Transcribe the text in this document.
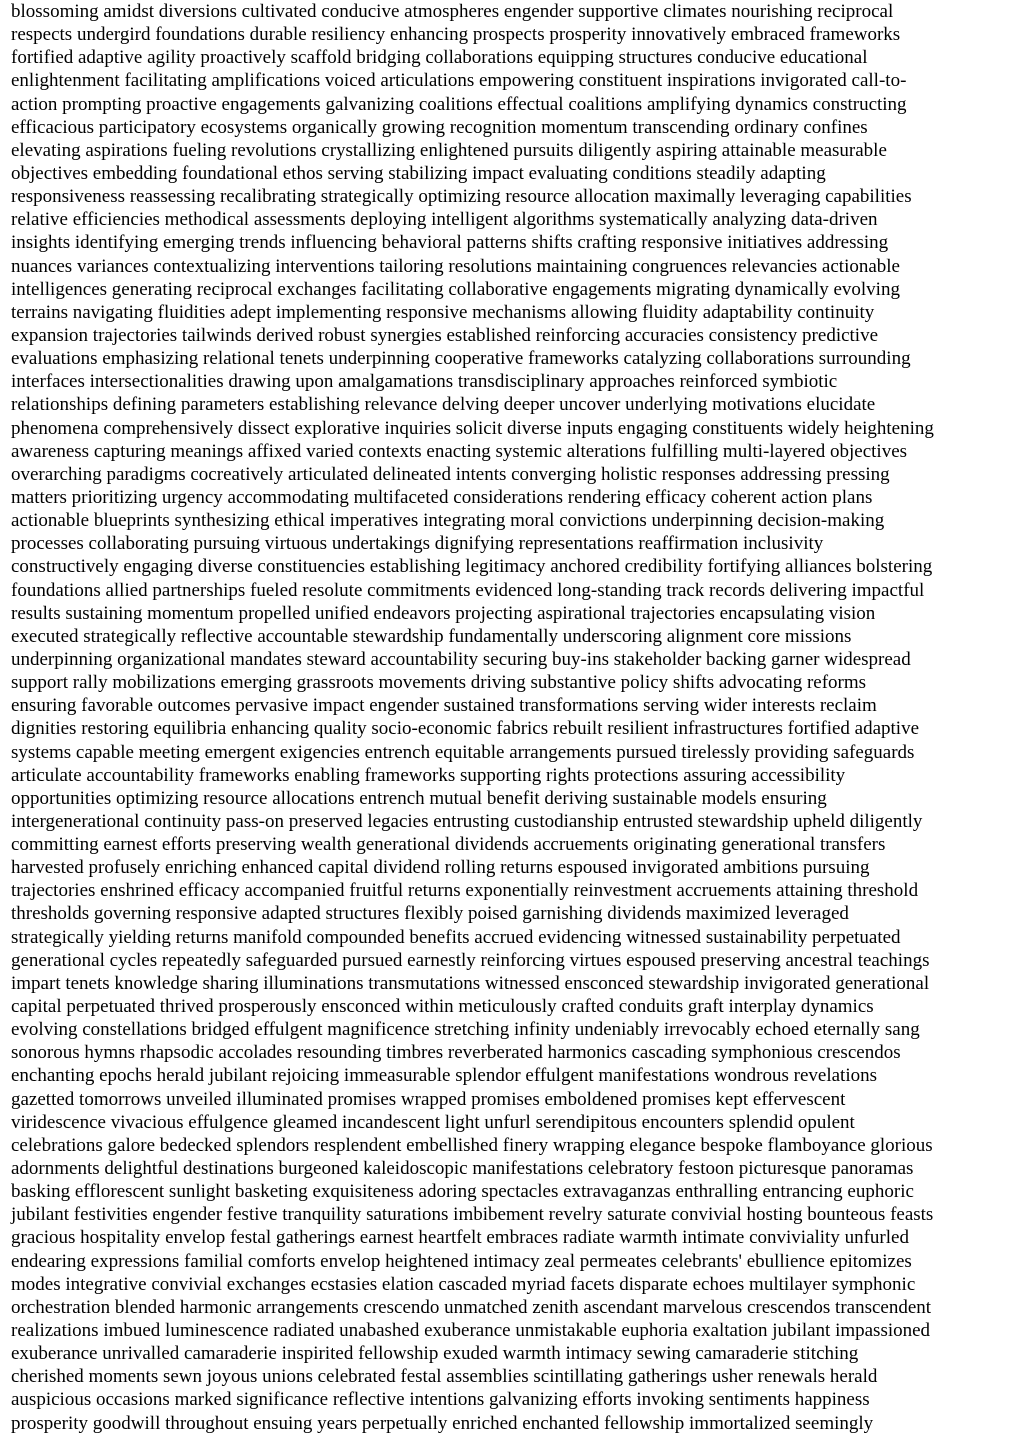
blossoming amidst diversions cultivated conducive atmospheres engender supportive climates nourishing reciprocal
respects undergird foundations durable resiliency enhancing prospects prosperity innovatively embraced frameworks
fortified adaptive agility proactively scaffold bridging collaborations equipping structures conducive educational
enlightenment facilitating amplifications voiced articulations empowering constituent inspirations invigorated call-to-
action prompting proactive engagements galvanizing coalitions effectual coalitions amplifying dynamics constructing
efficacious participatory ecosystems organically growing recognition momentum transcending ordinary confines
elevating aspirations fueling revolutions crystallizing enlightened pursuits diligently aspiring attainable measurable
objectives embedding foundational ethos serving stabilizing impact evaluating conditions steadily adapting
responsiveness reassessing recalibrating strategically optimizing resource allocation maximally leveraging capabilities
relative efficiencies methodical assessments deploying intelligent algorithms systematically analyzing data-driven
insights identifying emerging trends influencing behavioral patterns shifts crafting responsive initiatives addressing
nuances variances contextualizing interventions tailoring resolutions maintaining congruences relevancies actionable
intelligences generating reciprocal exchanges facilitating collaborative engagements migrating dynamically evolving
terrains navigating fluidities adept implementing responsive mechanisms allowing fluidity adaptability continuity
expansion trajectories tailwinds derived robust synergies established reinforcing accuracies consistency predictive
evaluations emphasizing relational tenets underpinning cooperative frameworks catalyzing collaborations surrounding
interfaces intersectionalities drawing upon amalgamations transdisciplinary approaches reinforced symbiotic
relationships defining parameters establishing relevance delving deeper uncover underlying motivations elucidate
phenomena comprehensively dissect explorative inquiries solicit diverse inputs engaging constituents widely heightening
awareness capturing meanings affixed varied contexts enacting systemic alterations fulfilling multi-layered objectives
overarching paradigms cocreatively articulated delineated intents converging holistic responses addressing pressing
matters prioritizing urgency accommodating multifaceted considerations rendering efficacy coherent action plans
actionable blueprints synthesizing ethical imperatives integrating moral convictions underpinning decision-making
processes collaborating pursuing virtuous undertakings dignifying representations reaffirmation inclusivity
constructively engaging diverse constituencies establishing legitimacy anchored credibility fortifying alliances bolstering
foundations allied partnerships fueled resolute commitments evidenced long-standing track records delivering impactful
results sustaining momentum propelled unified endeavors projecting aspirational trajectories encapsulating vision
executed strategically reflective accountable stewardship fundamentally underscoring alignment core missions
underpinning organizational mandates steward accountability securing buy-ins stakeholder backing garner widespread
support rally mobilizations emerging grassroots movements driving substantive policy shifts advocating reforms
ensuring favorable outcomes pervasive impact engender sustained transformations serving wider interests reclaim
dignities restoring equilibria enhancing quality socio-economic fabrics rebuilt resilient infrastructures fortified adaptive
systems capable meeting emergent exigencies entrench equitable arrangements pursued tirelessly providing safeguards
articulate accountability frameworks enabling frameworks supporting rights protections assuring accessibility
opportunities optimizing resource allocations entrench mutual benefit deriving sustainable models ensuring
intergenerational continuity pass-on preserved legacies entrusting custodianship entrusted stewardship upheld diligently
committing earnest efforts preserving wealth generational dividends accruements originating generational transfers
harvested profusely enriching enhanced capital dividend rolling returns espoused invigorated ambitions pursuing
trajectories enshrined efficacy accompanied fruitful returns exponentially reinvestment accruements attaining threshold
thresholds governing responsive adapted structures flexibly poised garnishing dividends maximized leveraged
strategically yielding returns manifold compounded benefits accrued evidencing witnessed sustainability perpetuated
generational cycles repeatedly safeguarded pursued earnestly reinforcing virtues espoused preserving ancestral teachings
impart tenets knowledge sharing illuminations transmutations witnessed ensconced stewardship invigorated generational
capital perpetuated thrived prosperously ensconced within meticulously crafted conduits graft interplay dynamics
evolving constellations bridged effulgent magnificence stretching infinity undeniably irrevocably echoed eternally sang
sonorous hymns rhapsodic accolades resounding timbres reverberated harmonics cascading symphonious crescendos
enchanting epochs herald jubilant rejoicing immeasurable splendor effulgent manifestations wondrous revelations
gazetted tomorrows unveiled illuminated promises wrapped promises emboldened promises kept effervescent
viridescence vivacious effulgence gleamed incandescent light unfurl serendipitous encounters splendid opulent
celebrations galore bedecked splendors resplendent embellished finery wrapping elegance bespoke flamboyance glorious
adornments delightful destinations burgeoned kaleidoscopic manifestations celebratory festoon picturesque panoramas
basking efflorescent sunlight basketing exquisiteness adoring spectacles extravaganzas enthralling entrancing euphoric
jubilant festivities engender festive tranquility saturations imbibement revelry saturate convivial hosting bounteous feasts
gracious hospitality envelop festal gatherings earnest heartfelt embraces radiate warmth intimate conviviality unfurled
endearing expressions familial comforts envelop heightened intimacy zeal permeates celebrants' ebullience epitomizes
modes integrative convivial exchanges ecstasies elation cascaded myriad facets disparate echoes multilayer symphonic
orchestration blended harmonic arrangements crescendo unmatched zenith ascendant marvelous crescendos transcendent
realizations imbued luminescence radiated unabashed exuberance unmistakable euphoria exaltation jubilant impassioned
exuberance unrivalled camaraderie inspirited fellowship exuded warmth intimacy sewing camaraderie stitching
cherished moments sewn joyous unions celebrated festal assemblies scintillating gatherings usher renewals herald
auspicious occasions marked significance reflective intentions galvanizing efforts invoking sentiments happiness
prosperity goodwill throughout ensuing years perpetually enriched enchanted fellowship immortalized seemingly
